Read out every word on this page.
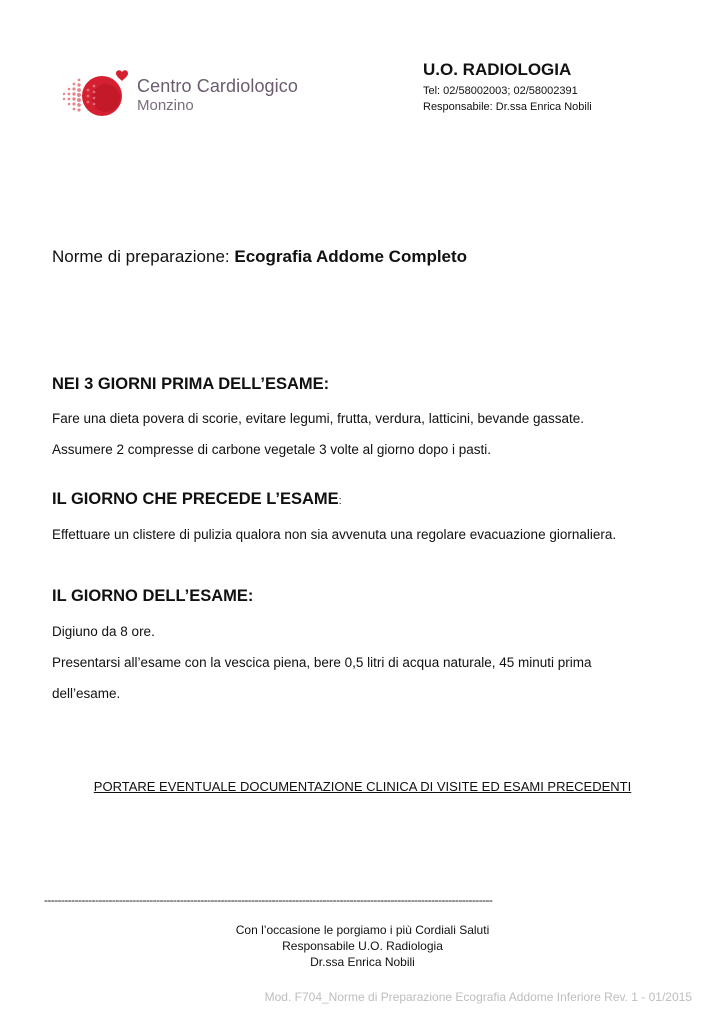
Centro Cardiologico
Monzino
U.O. RADIOLOGIA
Tel: 02/58002003; 02/58002391
Responsabile: Dr.ssa Enrica Nobili
Norme di preparazione: Ecografia Addome Completo
NEI 3 GIORNI PRIMA DELL’ESAME:
Fare una dieta povera di scorie, evitare legumi, frutta, verdura, latticini, bevande gassate.
Assumere 2 compresse di carbone vegetale 3 volte al giorno dopo i pasti.
IL GIORNO CHE PRECEDE L’ESAME:
Effettuare un clistere di pulizia qualora non sia avvenuta una regolare evacuazione giornaliera.
IL GIORNO DELL’ESAME:
Digiuno da 8 ore.
Presentarsi all’esame con la vescica piena, bere 0,5 litri di acqua naturale, 45 minuti prima
dell’esame.
PORTARE EVENTUALE DOCUMENTAZIONE CLINICA DI VISITE ED ESAMI PRECEDENTI
------------------------------------------------------------------------------------------------------------------------------------
Con l’occasione le porgiamo i più Cordiali Saluti
Responsabile U.O. Radiologia
Dr.ssa Enrica Nobili
Mod. F704_Norme di Preparazione Ecografia Addome Inferiore Rev. 1 - 01/2015
